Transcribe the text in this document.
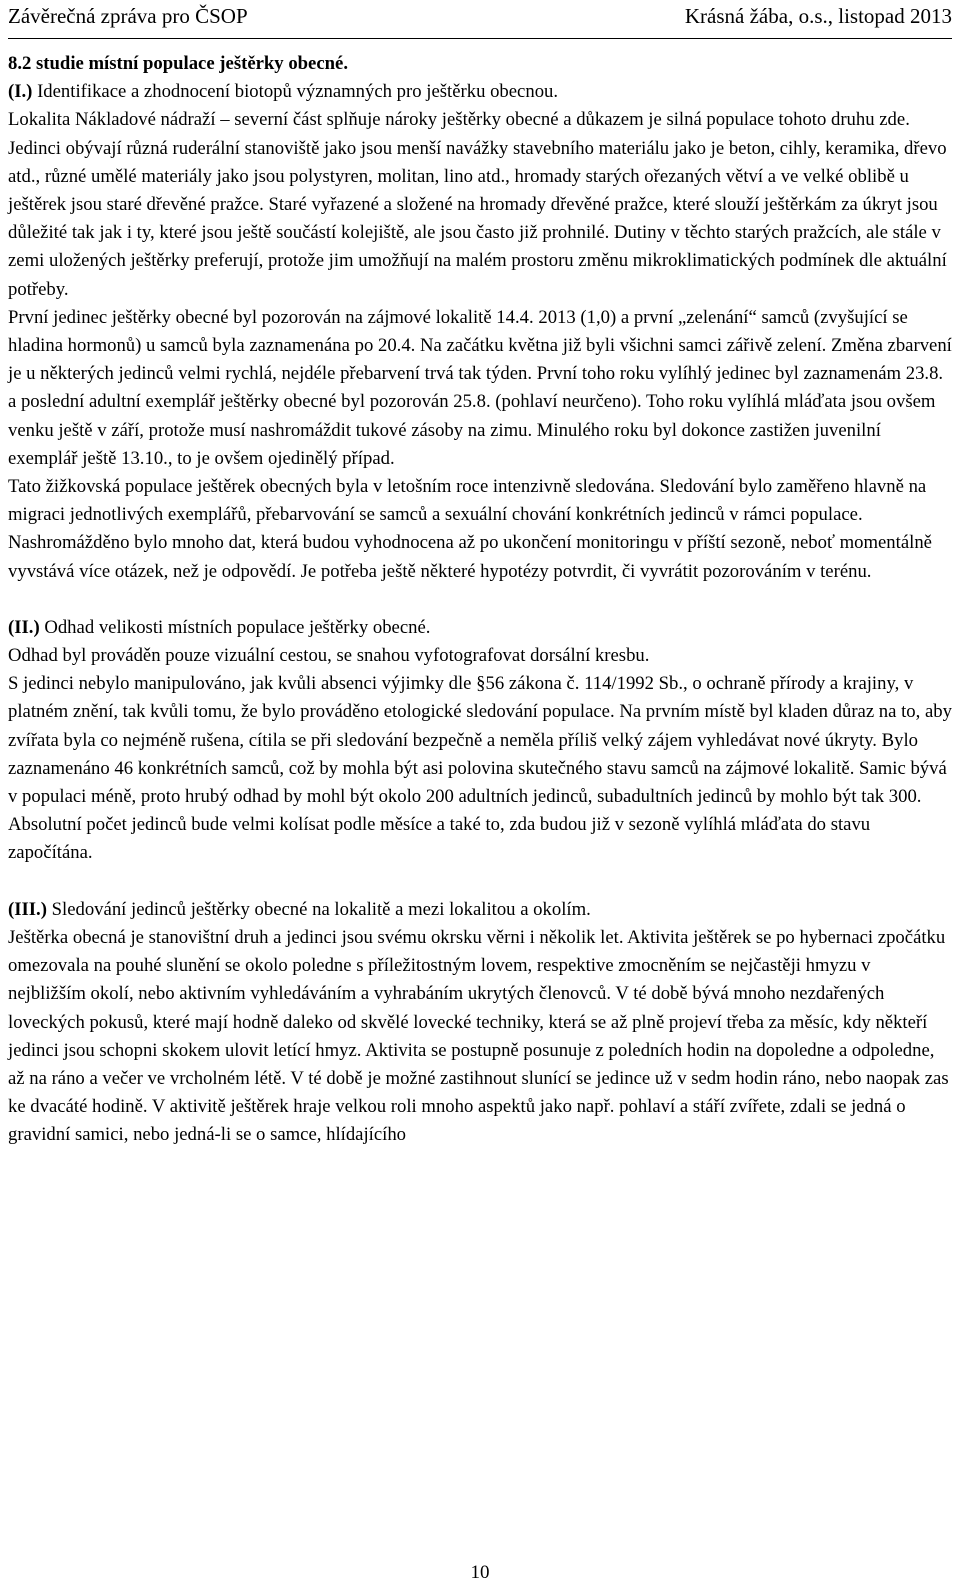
Závěrečná zpráva pro ČSOP	Krásná žába, o.s., listopad 2013

8.2 studie místní populace ještěrky obecné.

(I.) Identifikace a zhodnocení biotopů významných pro ještěrku obecnou.

Lokalita Nákladové nádraží – severní část splňuje nároky ještěrky obecné a důkazem je silná populace tohoto druhu zde. Jedinci obývají různá ruderální stanoviště jako jsou menší navážky stavebního materiálu jako je beton, cihly, keramika, dřevo atd., různé umělé materiály jako jsou polystyren, molitan, lino atd., hromady starých ořezaných větví a ve velké oblibě u ještěrek jsou staré dřevěné pražce. Staré vyřazené a složené na hromady dřevěné pražce, které slouží ještěrkám za úkryt jsou důležité tak jak i ty, které jsou ještě součástí kolejiště, ale jsou často již prohnilé. Dutiny v těchto starých pražcích, ale stále v zemi uložených ještěrky preferují, protože jim umožňují na malém prostoru změnu mikroklimatických podmínek dle aktuální potřeby.

První jedinec ještěrky obecné byl pozorován na zájmové lokalitě 14.4. 2013 (1,0) a první „zelenání“ samců (zvyšující se hladina hormonů) u samců byla zaznamenána po 20.4. Na začátku května již byli všichni samci zářivě zelení. Změna zbarvení je u některých jedinců velmi rychlá, nejdéle přebarvení trvá tak týden. První toho roku vylíhlý jedinec byl zaznamenám 23.8. a poslední adultní exemplář ještěrky obecné byl pozorován 25.8. (pohlaví neurčeno). Toho roku vylíhlá mláďata jsou ovšem venku ještě v září, protože musí nashromáždit tukové zásoby na zimu. Minulého roku byl dokonce zastižen juvenilní exemplář ještě 13.10., to je ovšem ojedinělý případ.

Tato žižkovská populace ještěrek obecných byla v letošním roce intenzivně sledována. Sledování bylo zaměřeno hlavně na migraci jednotlivých exemplářů, přebarvování se samců a sexuální chování konkrétních jedinců v rámci populace. Nashromážděno bylo mnoho dat, která budou vyhodnocena až po ukončení monitoringu v příští sezoně, neboť momentálně vyvstává více otázek, než je odpovědí. Je potřeba ještě některé hypotézy potvrdit, či vyvrátit pozorováním v terénu.

(II.) Odhad velikosti místních populace ještěrky obecné.

Odhad byl prováděn pouze vizuální cestou, se snahou vyfotografovat dorsální kresbu.

S jedinci nebylo manipulováno, jak kvůli absenci výjimky dle §56 zákona č. 114/1992 Sb., o ochraně přírody a krajiny, v platném znění, tak kvůli tomu, že bylo prováděno etologické sledování populace. Na prvním místě byl kladen důraz na to, aby zvířata byla co nejméně rušena, cítila se při sledování bezpečně a neměla příliš velký zájem vyhledávat nové úkryty. Bylo zaznamenáno 46 konkrétních samců, což by mohla být asi polovina skutečného stavu samců na zájmové lokalitě. Samic bývá v populaci méně, proto hrubý odhad by mohl být okolo 200 adultních jedinců, subadultních jedinců by mohlo být tak 300. Absolutní počet jedinců bude velmi kolísat podle měsíce a také to, zda budou již v sezoně vylíhlá mláďata do stavu započítána.

(III.) Sledování jedinců ještěrky obecné na lokalitě a mezi lokalitou a okolím.

Ještěrka obecná je stanovištní druh a jedinci jsou svému okrsku věrni i několik let. Aktivita ještěrek se po hybernaci zpočátku omezovala na pouhé slunění se okolo poledne s příležitostným lovem, respektive zmocněním se nejčastěji hmyzu v nejbližším okolí, nebo aktivním vyhledáváním a vyhrabáním ukrytých členovců. V té době bývá mnoho nezdařených loveckých pokusů, které mají hodně daleko od skvělé lovecké techniky, která se až plně projeví třeba za měsíc, kdy někteří jedinci jsou schopni skokem ulovit letící hmyz. Aktivita se postupně posunuje z poledních hodin na dopoledne a odpoledne, až na ráno a večer ve vrcholném létě. V té době je možné zastihnout slunící se jedince už v sedm hodin ráno, nebo naopak zas ke dvacáté hodině. V aktivitě ještěrek hraje velkou roli mnoho aspektů jako např. pohlaví a stáří zvířete, zdali se jedná o gravidní samici, nebo jedná-li se o samce, hlídajícího

10
